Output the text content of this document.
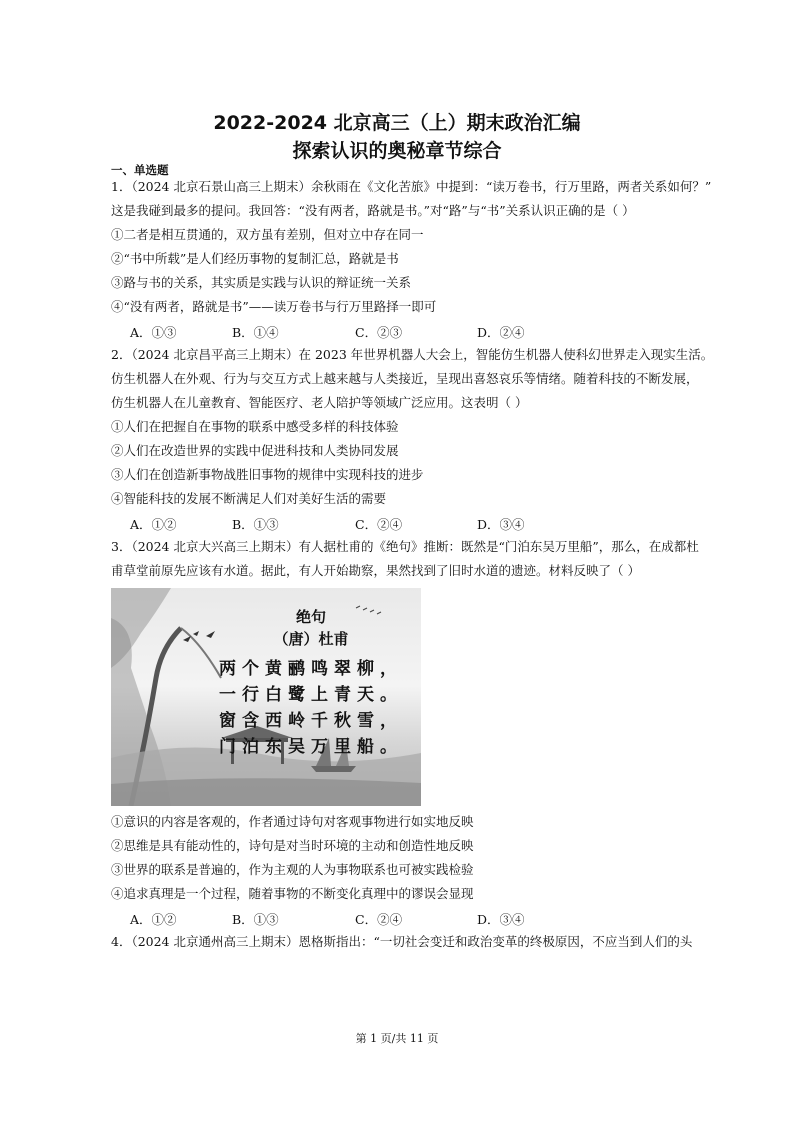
2022-2024 北京高三（上）期末政治汇编
探索认识的奥秘章节综合
一、单选题
1．（2024 北京石景山高三上期末）余秋雨在《文化苦旅》中提到：“读万卷书，行万里路，两者关系如何？”
这是我碰到最多的提问。我回答：“没有两者，路就是书。”对“路”与“书”关系认识正确的是（ ）
①二者是相互贯通的，双方虽有差别，但对立中存在同一
②“书中所载”是人们经历事物的复制汇总，路就是书
③路与书的关系，其实质是实践与认识的辩证统一关系
④“没有两者，路就是书”——读万卷书与行万里路择一即可
A．①③	B．①④	C．②③	D．②④
2．（2024 北京昌平高三上期末）在 2023 年世界机器人大会上，智能仿生机器人使科幻世界走入现实生活。
仿生机器人在外观、行为与交互方式上越来越与人类接近，呈现出喜怒哀乐等情绪。随着科技的不断发展，
仿生机器人在儿童教育、智能医疗、老人陪护等领域广泛应用。这表明（ ）
①人们在把握自在事物的联系中感受多样的科技体验
②人们在改造世界的实践中促进科技和人类协同发展
③人们在创造新事物战胜旧事物的规律中实现科技的进步
④智能科技的发展不断满足人们对美好生活的需要
A．①②	B．①③	C．②④	D．③④
3．（2024 北京大兴高三上期末）有人据杜甫的《绝句》推断：既然是“门泊东吴万里船”，那么，在成都杜
甫草堂前原先应该有水道。据此，有人开始勘察，果然找到了旧时水道的遗迹。材料反映了（ ）
绝句
（唐）杜甫
两个黄鹂鸣翠柳，
一行白鹭上青天。
窗含西岭千秋雪，
门泊东吴万里船。
①意识的内容是客观的，作者通过诗句对客观事物进行如实地反映
②思维是具有能动性的，诗句是对当时环境的主动和创造性地反映
③世界的联系是普遍的，作为主观的人为事物联系也可被实践检验
④追求真理是一个过程，随着事物的不断变化真理中的谬误会显现
A．①②	B．①③	C．②④	D．③④
4．（2024 北京通州高三上期末）恩格斯指出：“一切社会变迁和政治变革的终极原因，不应当到人们的头
第 1 页/共 11 页
